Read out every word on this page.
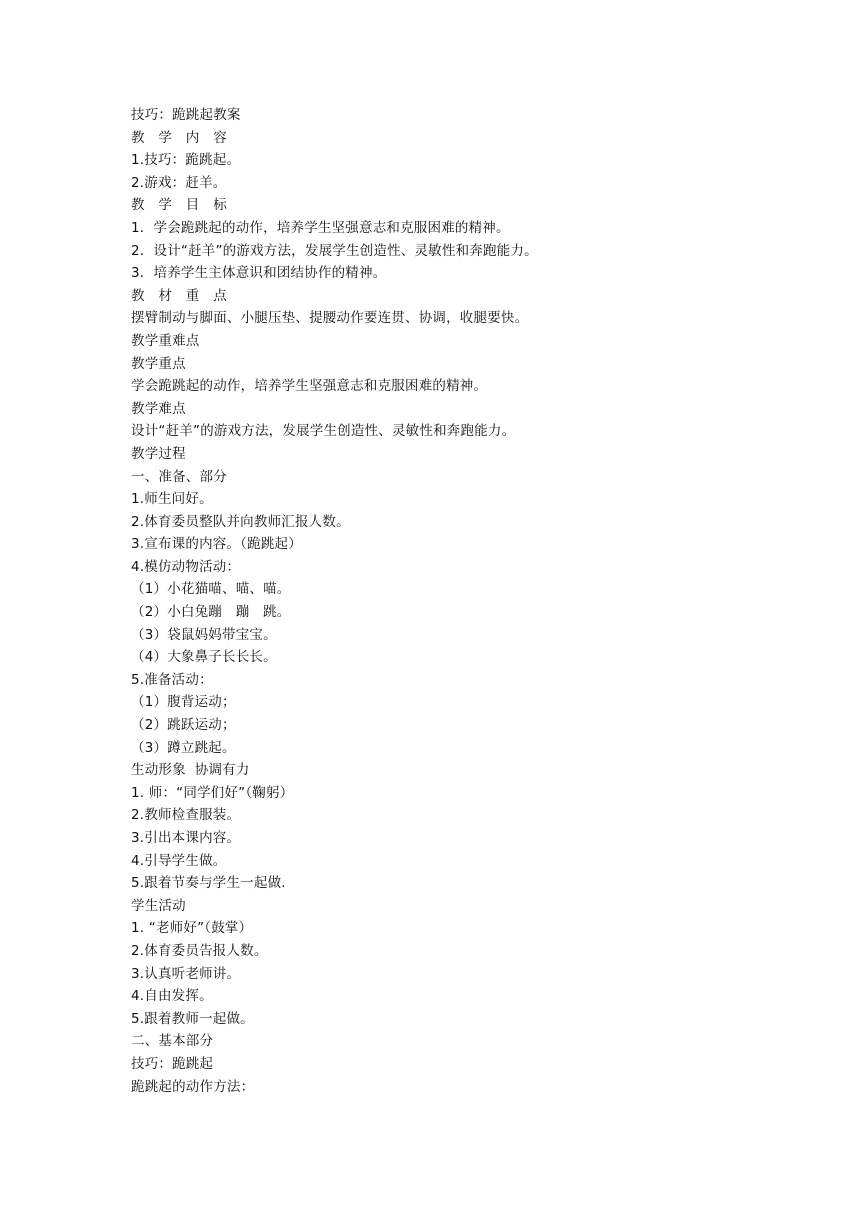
技巧：跪跳起教案
教　学　内　容
1.技巧：跪跳起。
2.游戏：赶羊。
教　学　目　标
1．学会跪跳起的动作，培养学生坚强意志和克服困难的精神。
2．设计“赶羊”的游戏方法，发展学生创造性、灵敏性和奔跑能力。
3．培养学生主体意识和团结协作的精神。
教　材　重　点
摆臂制动与脚面、小腿压垫、提腰动作要连贯、协调，收腿要快。
教学重难点
教学重点
学会跪跳起的动作，培养学生坚强意志和克服困难的精神。
教学难点
设计“赶羊”的游戏方法，发展学生创造性、灵敏性和奔跑能力。
教学过程
一、准备、部分
1.师生问好。
2.体育委员整队并向教师汇报人数。
3.宣布课的内容。（跪跳起）
4.模仿动物活动：
（1）小花猫喵、喵、喵。
（2）小白兔蹦　蹦　跳。
（3）袋鼠妈妈带宝宝。
（4）大象鼻子长长长。
5.准备活动：
（1）腹背运动；
（2）跳跃运动；
（3）蹲立跳起。
生动形象  协调有力
1. 师：“同学们好”（鞠躬）
2.教师检查服装。
3.引出本课内容。
4.引导学生做。
5.跟着节奏与学生一起做.
学生活动
1. “老师好”（鼓掌）
2.体育委员告报人数。
3.认真听老师讲。
4.自由发挥。
5.跟着教师一起做。
二、基本部分
技巧：跪跳起
跪跳起的动作方法：
